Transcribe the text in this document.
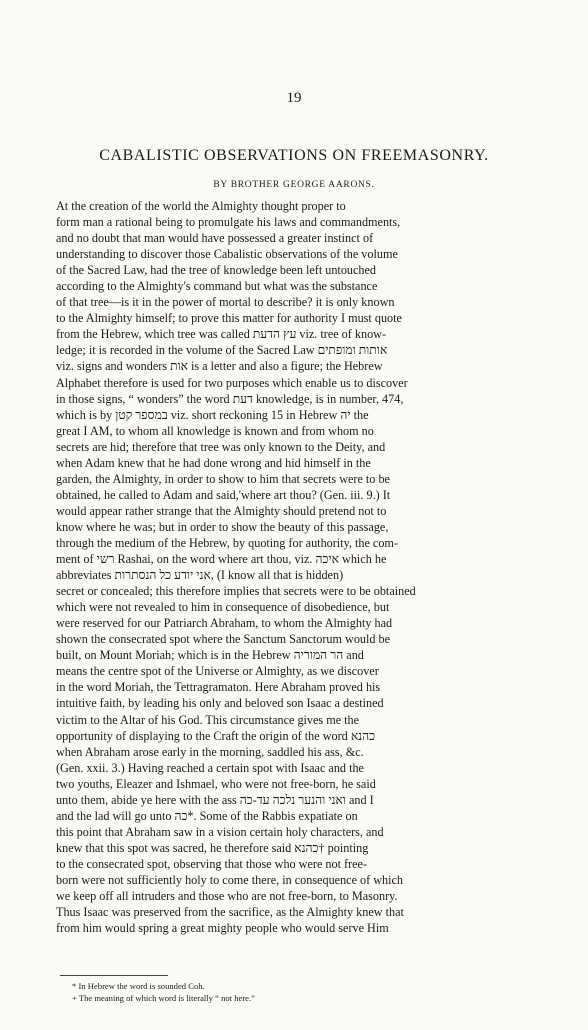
19
CABALISTIC OBSERVATIONS ON FREEMASONRY.
BY BROTHER GEORGE AARONS.
At the creation of the world the Almighty thought proper to
form man a rational being to promulgate his laws and commandments,
and no doubt that man would have possessed a greater instinct of
understanding to discover those Cabalistic observations of the volume
of the Sacred Law, had the tree of knowledge been left untouched
according to the Almighty's command but what was the substance
of that tree—is it in the power of mortal to describe? it is only known
to the Almighty himself; to prove this matter for authority I must quote
from the Hebrew, which tree was called עץ הדעת viz. tree of know-
ledge; it is recorded in the volume of the Sacred Law אותות ומופתים
viz. signs and wonders אות is a letter and also a figure; the Hebrew
Alphabet therefore is used for two purposes which enable us to discover
in those signs, “ wonders” the word דעת knowledge, is in number, 474,
which is by במספר קטן viz. short reckoning 15 in Hebrew יה the
great I AM, to whom all knowledge is known and from whom no
secrets are hid; therefore that tree was only known to the Deity, and
when Adam knew that he had done wrong and hid himself in the
garden, the Almighty, in order to show to him that secrets were to be
obtained, he called to Adam and said,'where art thou? (Gen. iii. 9.) It
would appear rather strange that the Almighty should pretend not to
know where he was; but in order to show the beauty of this passage,
through the medium of the Hebrew, by quoting for authority, the com-
ment of רשי Rashai, on the word where art thou, viz. איכה which he
abbreviates אני יודע כל הנסתרות, (I know all that is hidden)
secret or concealed; this therefore implies that secrets were to be obtained
which were not revealed to him in consequence of disobedience, but
were reserved for our Patriarch Abraham, to whom the Almighty had
shown the consecrated spot where the Sanctum Sanctorum would be
built, on Mount Moriah; which is in the Hebrew הר המוריה and
means the centre spot of the Universe or Almighty, as we discover
in the word Moriah, the Tettragramaton. Here Abraham proved his
intuitive faith, by leading his only and beloved son Isaac a destined
victim to the Altar of his God. This circumstance gives me the
opportunity of displaying to the Craft the origin of the word כהנא
when Abraham arose early in the morning, saddled his ass, &c.
(Gen. xxii. 3.) Having reached a certain spot with Isaac and the
two youths, Eleazer and Ishmael, who were not free-born, he said
unto them, abide ye here with the ass ואני והנער נלכה עד-כה and I
and the lad will go unto כה*. Some of the Rabbis expatiate on
this point that Abraham saw in a vision certain holy characters, and
knew that this spot was sacred, he therefore said כהנא† pointing
to the consecrated spot, observing that those who were not free-
born were not sufficiently holy to come there, in consequence of which
we keep off all intruders and those who are not free-born, to Masonry.
Thus Isaac was preserved from the sacrifice, as the Almighty knew that
from him would spring a great mighty people who would serve Him
* In Hebrew the word is sounded Coh.
+ The meaning of which word is literally “ not here.”
